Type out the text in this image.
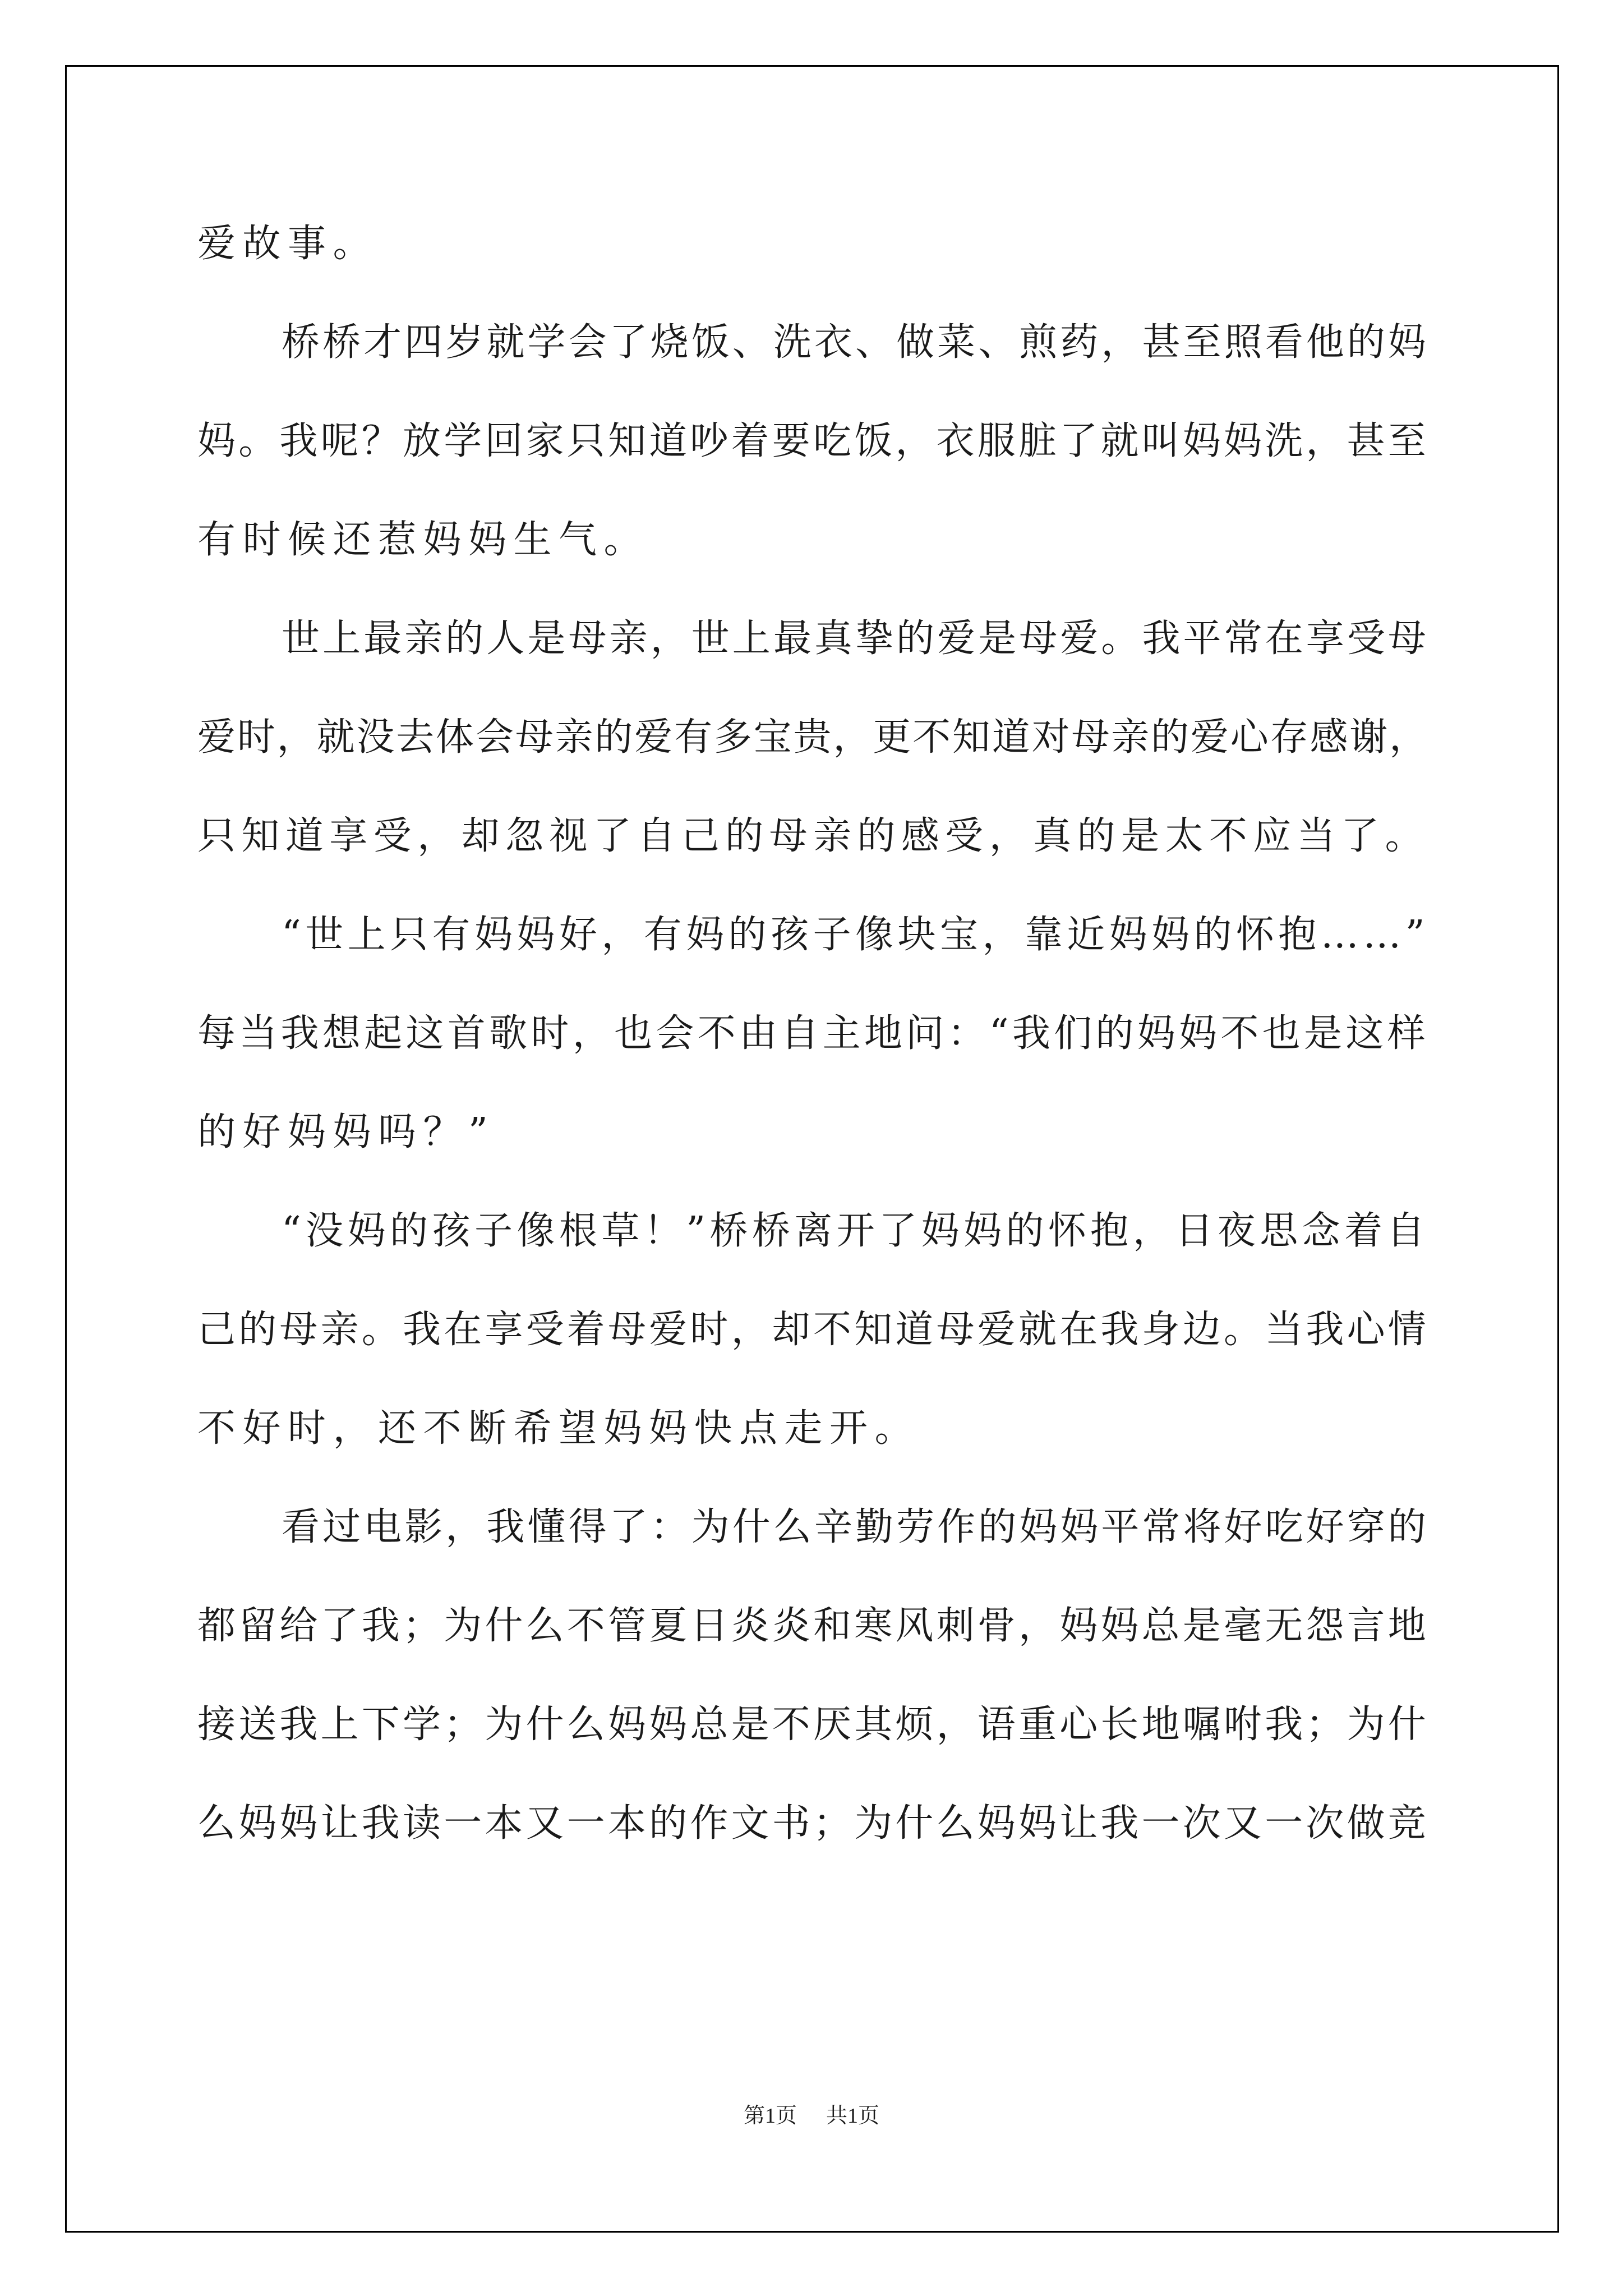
爱故事。
桥桥才四岁就学会了烧饭、洗衣、做菜、煎药，甚至照看他的妈
妈。我呢？放学回家只知道吵着要吃饭，衣服脏了就叫妈妈洗，甚至
有时候还惹妈妈生气。
世上最亲的人是母亲，世上最真挚的爱是母爱。我平常在享受母
爱时，就没去体会母亲的爱有多宝贵，更不知道对母亲的爱心存感谢，
只知道享受，却忽视了自己的母亲的感受，真的是太不应当了。
“世上只有妈妈好，有妈的孩子像块宝，靠近妈妈的怀抱……”
每当我想起这首歌时，也会不由自主地问：“我们的妈妈不也是这样
的好妈妈吗？”
“没妈的孩子像根草！”桥桥离开了妈妈的怀抱，日夜思念着自
己的母亲。我在享受着母爱时，却不知道母爱就在我身边。当我心情
不好时，还不断希望妈妈快点走开。
看过电影，我懂得了：为什么辛勤劳作的妈妈平常将好吃好穿的
都留给了我；为什么不管夏日炎炎和寒风刺骨，妈妈总是毫无怨言地
接送我上下学；为什么妈妈总是不厌其烦，语重心长地嘱咐我；为什
么妈妈让我读一本又一本的作文书；为什么妈妈让我一次又一次做竞
第1页 共1页
